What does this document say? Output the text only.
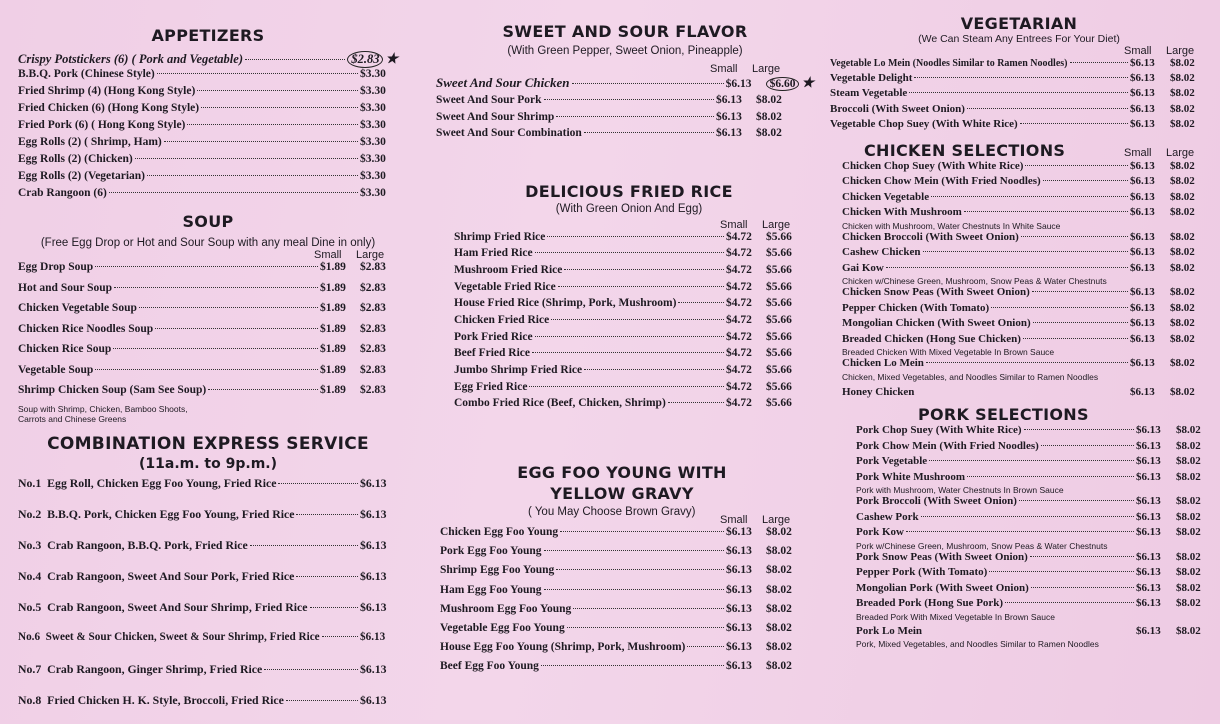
APPETIZERS
Crispy Potstickers (6) ( Pork and Vegetable)	$2.83 ★
B.B.Q. Pork (Chinese Style)	$3.30
Fried Shrimp (4) (Hong Kong Style)	$3.30
Fried Chicken (6) (Hong Kong Style)	$3.30
Fried Pork (6) ( Hong Kong Style)	$3.30
Egg Rolls (2) ( Shrimp, Ham)	$3.30
Egg Rolls (2) (Chicken)	$3.30
Egg Rolls (2) (Vegetarian)	$3.30
Crab Rangoon (6)	$3.30
SOUP
(Free Egg Drop or Hot and Sour Soup with any meal Dine in only)
Small	Large
Egg Drop Soup	$1.89	$2.83
Hot and Sour Soup	$1.89	$2.83
Chicken Vegetable Soup	$1.89	$2.83
Chicken Rice Noodles Soup	$1.89	$2.83
Chicken Rice Soup	$1.89	$2.83
Vegetable Soup	$1.89	$2.83
Shrimp Chicken Soup (Sam See Soup)	$1.89	$2.83
Soup with Shrimp, Chicken, Bamboo Shoots, Carrots and Chinese Greens
COMBINATION EXPRESS SERVICE
(11a.m. to 9p.m.)
No.1 Egg Roll, Chicken Egg Foo Young, Fried Rice	$6.13
No.2 B.B.Q. Pork, Chicken Egg Foo Young, Fried Rice	$6.13
No.3 Crab Rangoon, B.B.Q. Pork, Fried Rice	$6.13
No.4 Crab Rangoon, Sweet And Sour Pork, Fried Rice	$6.13
No.5 Crab Rangoon, Sweet And Sour Shrimp, Fried Rice	$6.13
No.6 Sweet & Sour Chicken, Sweet & Sour Shrimp, Fried Rice	$6.13
No.7 Crab Rangoon, Ginger Shrimp, Fried Rice	$6.13
No.8 Fried Chicken H. K. Style, Broccoli, Fried Rice	$6.13
SWEET AND SOUR FLAVOR
(With Green Pepper, Sweet Onion, Pineapple)
Small	Large
Sweet And Sour Chicken	$6.13	$6.60 ★
Sweet And Sour Pork	$6.13	$8.02
Sweet And Sour Shrimp	$6.13	$8.02
Sweet And Sour Combination	$6.13	$8.02
DELICIOUS FRIED RICE
(With Green Onion And Egg)
Small	Large
Shrimp Fried Rice	$4.72	$5.66
Ham Fried Rice	$4.72	$5.66
Mushroom Fried Rice	$4.72	$5.66
Vegetable Fried Rice	$4.72	$5.66
House Fried Rice (Shrimp, Pork, Mushroom)	$4.72	$5.66
Chicken Fried Rice	$4.72	$5.66
Pork Fried Rice	$4.72	$5.66
Beef Fried Rice	$4.72	$5.66
Jumbo Shrimp Fried Rice	$4.72	$5.66
Egg Fried Rice	$4.72	$5.66
Combo Fried Rice (Beef, Chicken, Shrimp)	$4.72	$5.66
EGG FOO YOUNG WITH YELLOW GRAVY
( You May Choose Brown Gravy)
Small	Large
Chicken Egg Foo Young	$6.13	$8.02
Pork Egg Foo Young	$6.13	$8.02
Shrimp Egg Foo Young	$6.13	$8.02
Ham Egg Foo Young	$6.13	$8.02
Mushroom Egg Foo Young	$6.13	$8.02
Vegetable Egg Foo Young	$6.13	$8.02
House Egg Foo Young (Shrimp, Pork, Mushroom)	$6.13	$8.02
Beef Egg Foo Young	$6.13	$8.02
VEGETARIAN
(We Can Steam Any Entrees For Your Diet)
Small	Large
Vegetable Lo Mein (Noodles Similar to Ramen Noodles)	$6.13	$8.02
Vegetable Delight	$6.13	$8.02
Steam Vegetable	$6.13	$8.02
Broccoli (With Sweet Onion)	$6.13	$8.02
Vegetable Chop Suey (With White Rice)	$6.13	$8.02
CHICKEN SELECTIONS	Small	Large
Chicken Chop Suey (With White Rice)	$6.13	$8.02
Chicken Chow Mein (With Fried Noodles)	$6.13	$8.02
Chicken Vegetable	$6.13	$8.02
Chicken With Mushroom	$6.13	$8.02
Chicken with Mushroom, Water Chestnuts In White Sauce
Chicken Broccoli (With Sweet Onion)	$6.13	$8.02
Cashew Chicken	$6.13	$8.02
Gai Kow	$6.13	$8.02
Chicken w/Chinese Green, Mushroom, Snow Peas & Water Chestnuts
Chicken Snow Peas (With Sweet Onion)	$6.13	$8.02
Pepper Chicken (With Tomato)	$6.13	$8.02
Mongolian Chicken (With Sweet Onion)	$6.13	$8.02
Breaded Chicken (Hong Sue Chicken)	$6.13	$8.02
Breaded Chicken With Mixed Vegetable In Brown Sauce
Chicken Lo Mein	$6.13	$8.02
Chicken, Mixed Vegetables, and Noodles Similar to Ramen Noodles
Honey Chicken	$6.13	$8.02
PORK SELECTIONS
Pork Chop Suey (With White Rice)	$6.13	$8.02
Pork Chow Mein (With Fried Noodles)	$6.13	$8.02
Pork Vegetable	$6.13	$8.02
Pork White Mushroom	$6.13	$8.02
Pork with Mushroom, Water Chestnuts In Brown Sauce
Pork Broccoli (With Sweet Onion)	$6.13	$8.02
Cashew Pork	$6.13	$8.02
Pork Kow	$6.13	$8.02
Pork w/Chinese Green, Mushroom, Snow Peas & Water Chestnuts
Pork Snow Peas (With Sweet Onion)	$6.13	$8.02
Pepper Pork (With Tomato)	$6.13	$8.02
Mongolian Pork (With Sweet Onion)	$6.13	$8.02
Breaded Pork (Hong Sue Pork)	$6.13	$8.02
Breaded Pork With Mixed Vegetable In Brown Sauce
Pork Lo Mein	$6.13	$8.02
Pork, Mixed Vegetables, and Noodles Similar to Ramen Noodles
